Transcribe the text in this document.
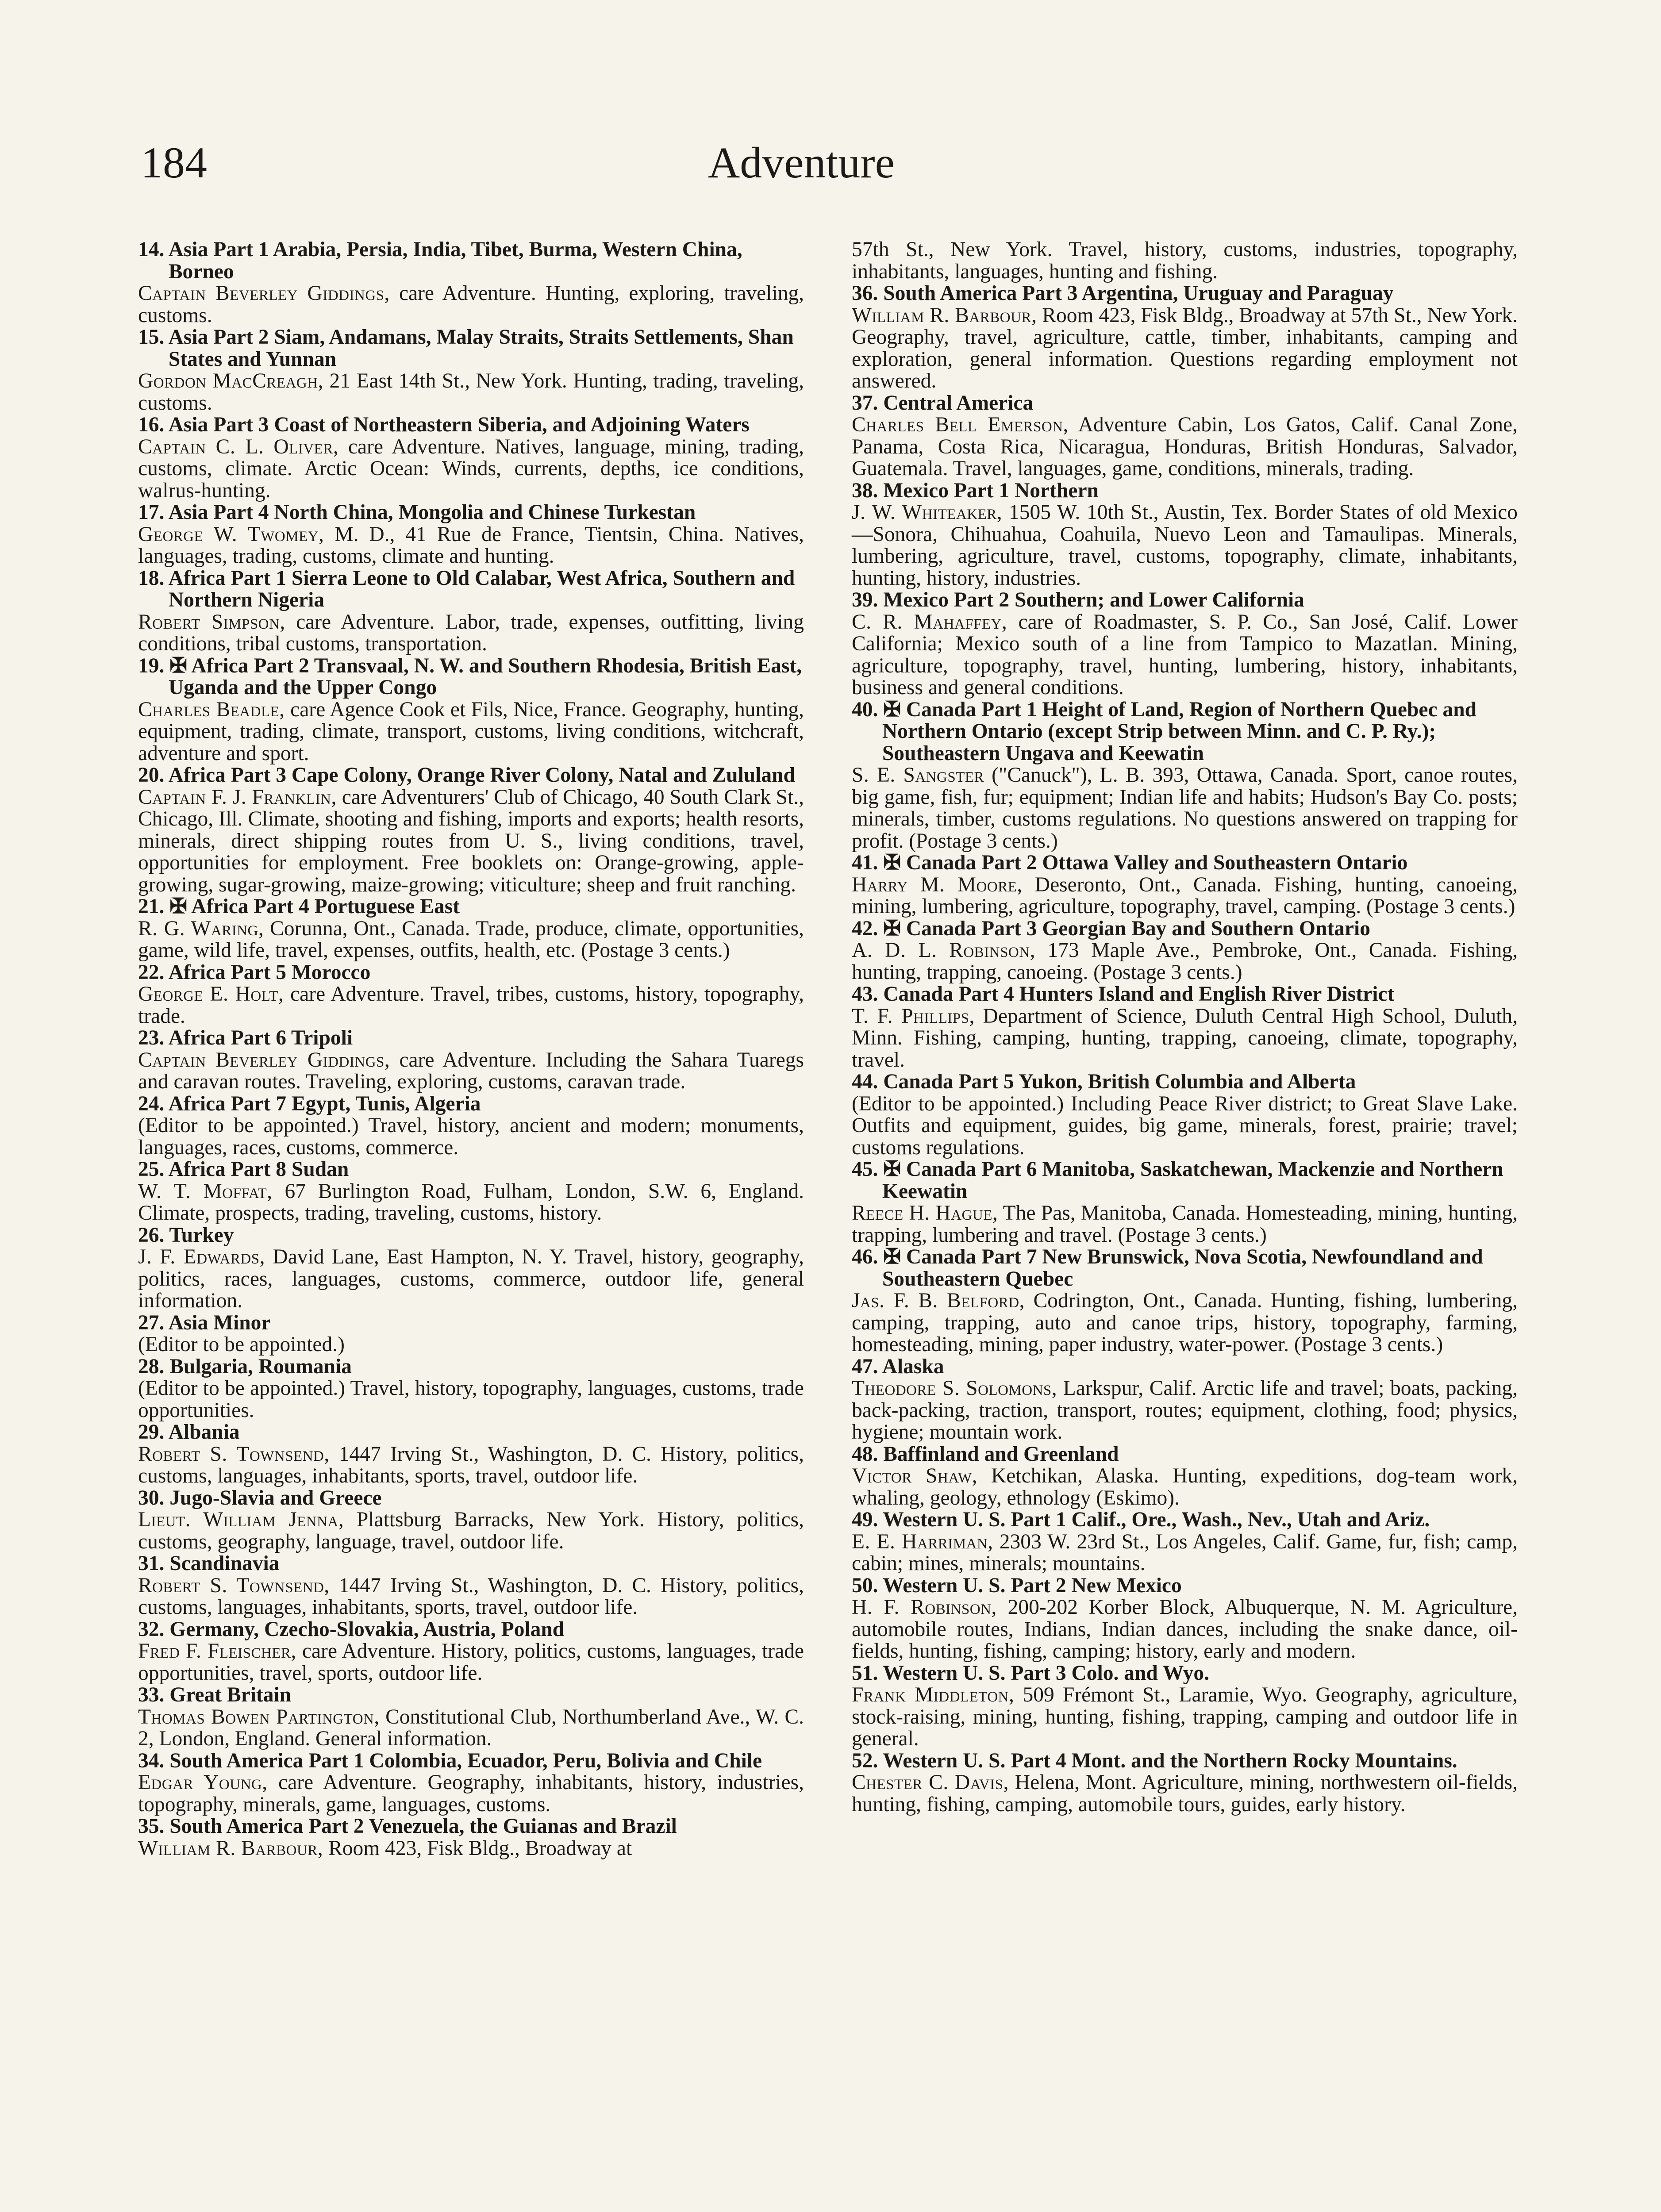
184	Adventure
14. Asia Part 1 Arabia, Persia, India, Tibet, Burma, Western China, Borneo
Captain Beverley Giddings, care Adventure. Hunting, exploring, traveling, customs.
15. Asia Part 2 Siam, Andamans, Malay Straits, Straits Settlements, Shan States and Yunnan
Gordon MacCreagh, 21 East 14th St., New York. Hunting, trading, traveling, customs.
16. Asia Part 3 Coast of Northeastern Siberia, and Adjoining Waters
Captain C. L. Oliver, care Adventure. Natives, language, mining, trading, customs, climate. Arctic Ocean: Winds, currents, depths, ice conditions, walrus-hunting.
17. Asia Part 4 North China, Mongolia and Chinese Turkestan
George W. Twomey, M. D., 41 Rue de France, Tientsin, China. Natives, languages, trading, customs, climate and hunting.
18. Africa Part 1 Sierra Leone to Old Calabar, West Africa, Southern and Northern Nigeria
Robert Simpson, care Adventure. Labor, trade, expenses, outfitting, living conditions, tribal customs, transportation.
19. ✠ Africa Part 2 Transvaal, N. W. and Southern Rhodesia, British East, Uganda and the Upper Congo
Charles Beadle, care Agence Cook et Fils, Nice, France. Geography, hunting, equipment, trading, climate, transport, customs, living conditions, witchcraft, adventure and sport.
20. Africa Part 3 Cape Colony, Orange River Colony, Natal and Zululand
Captain F. J. Franklin, care Adventurers' Club of Chicago, 40 South Clark St., Chicago, Ill. Climate, shooting and fishing, imports and exports; health resorts, minerals, direct shipping routes from U. S., living conditions, travel, opportunities for employment. Free booklets on: Orange-growing, apple-growing, sugar-growing, maize-growing; viticulture; sheep and fruit ranching.
21. ✠ Africa Part 4 Portuguese East
R. G. Waring, Corunna, Ont., Canada. Trade, produce, climate, opportunities, game, wild life, travel, expenses, outfits, health, etc. (Postage 3 cents.)
22. Africa Part 5 Morocco
George E. Holt, care Adventure. Travel, tribes, customs, history, topography, trade.
23. Africa Part 6 Tripoli
Captain Beverley Giddings, care Adventure. Including the Sahara Tuaregs and caravan routes. Traveling, exploring, customs, caravan trade.
24. Africa Part 7 Egypt, Tunis, Algeria
(Editor to be appointed.) Travel, history, ancient and modern; monuments, languages, races, customs, commerce.
25. Africa Part 8 Sudan
W. T. Moffat, 67 Burlington Road, Fulham, London, S.W. 6, England. Climate, prospects, trading, traveling, customs, history.
26. Turkey
J. F. Edwards, David Lane, East Hampton, N. Y. Travel, history, geography, politics, races, languages, customs, commerce, outdoor life, general information.
27. Asia Minor
(Editor to be appointed.)
28. Bulgaria, Roumania
(Editor to be appointed.) Travel, history, topography, languages, customs, trade opportunities.
29. Albania
Robert S. Townsend, 1447 Irving St., Washington, D. C. History, politics, customs, languages, inhabitants, sports, travel, outdoor life.
30. Jugo-Slavia and Greece
Lieut. William Jenna, Plattsburg Barracks, New York. History, politics, customs, geography, language, travel, outdoor life.
31. Scandinavia
Robert S. Townsend, 1447 Irving St., Washington, D. C. History, politics, customs, languages, inhabitants, sports, travel, outdoor life.
32. Germany, Czecho-Slovakia, Austria, Poland
Fred F. Fleischer, care Adventure. History, politics, customs, languages, trade opportunities, travel, sports, outdoor life.
33. Great Britain
Thomas Bowen Partington, Constitutional Club, Northumberland Ave., W. C. 2, London, England. General information.
34. South America Part 1 Colombia, Ecuador, Peru, Bolivia and Chile
Edgar Young, care Adventure. Geography, inhabitants, history, industries, topography, minerals, game, languages, customs.
35. South America Part 2 Venezuela, the Guianas and Brazil
William R. Barbour, Room 423, Fisk Bldg., Broadway at
57th St., New York. Travel, history, customs, industries, topography, inhabitants, languages, hunting and fishing.
36. South America Part 3 Argentina, Uruguay and Paraguay
William R. Barbour, Room 423, Fisk Bldg., Broadway at 57th St., New York. Geography, travel, agriculture, cattle, timber, inhabitants, camping and exploration, general information. Questions regarding employment not answered.
37. Central America
Charles Bell Emerson, Adventure Cabin, Los Gatos, Calif. Canal Zone, Panama, Costa Rica, Nicaragua, Honduras, British Honduras, Salvador, Guatemala. Travel, languages, game, conditions, minerals, trading.
38. Mexico Part 1 Northern
J. W. Whiteaker, 1505 W. 10th St., Austin, Tex. Border States of old Mexico—Sonora, Chihuahua, Coahuila, Nuevo Leon and Tamaulipas. Minerals, lumbering, agriculture, travel, customs, topography, climate, inhabitants, hunting, history, industries.
39. Mexico Part 2 Southern; and Lower California
C. R. Mahaffey, care of Roadmaster, S. P. Co., San José, Calif. Lower California; Mexico south of a line from Tampico to Mazatlan. Mining, agriculture, topography, travel, hunting, lumbering, history, inhabitants, business and general conditions.
40. ✠ Canada Part 1 Height of Land, Region of Northern Quebec and Northern Ontario (except Strip between Minn. and C. P. Ry.); Southeastern Ungava and Keewatin
S. E. Sangster ("Canuck"), L. B. 393, Ottawa, Canada. Sport, canoe routes, big game, fish, fur; equipment; Indian life and habits; Hudson's Bay Co. posts; minerals, timber, customs regulations. No questions answered on trapping for profit. (Postage 3 cents.)
41. ✠ Canada Part 2 Ottawa Valley and Southeastern Ontario
Harry M. Moore, Deseronto, Ont., Canada. Fishing, hunting, canoeing, mining, lumbering, agriculture, topography, travel, camping. (Postage 3 cents.)
42. ✠ Canada Part 3 Georgian Bay and Southern Ontario
A. D. L. Robinson, 173 Maple Ave., Pembroke, Ont., Canada. Fishing, hunting, trapping, canoeing. (Postage 3 cents.)
43. Canada Part 4 Hunters Island and English River District
T. F. Phillips, Department of Science, Duluth Central High School, Duluth, Minn. Fishing, camping, hunting, trapping, canoeing, climate, topography, travel.
44. Canada Part 5 Yukon, British Columbia and Alberta
(Editor to be appointed.) Including Peace River district; to Great Slave Lake. Outfits and equipment, guides, big game, minerals, forest, prairie; travel; customs regulations.
45. ✠ Canada Part 6 Manitoba, Saskatchewan, Mackenzie and Northern Keewatin
Reece H. Hague, The Pas, Manitoba, Canada. Homesteading, mining, hunting, trapping, lumbering and travel. (Postage 3 cents.)
46. ✠ Canada Part 7 New Brunswick, Nova Scotia, Newfoundland and Southeastern Quebec
Jas. F. B. Belford, Codrington, Ont., Canada. Hunting, fishing, lumbering, camping, trapping, auto and canoe trips, history, topography, farming, homesteading, mining, paper industry, water-power. (Postage 3 cents.)
47. Alaska
Theodore S. Solomons, Larkspur, Calif. Arctic life and travel; boats, packing, back-packing, traction, transport, routes; equipment, clothing, food; physics, hygiene; mountain work.
48. Baffinland and Greenland
Victor Shaw, Ketchikan, Alaska. Hunting, expeditions, dog-team work, whaling, geology, ethnology (Eskimo).
49. Western U. S. Part 1 Calif., Ore., Wash., Nev., Utah and Ariz.
E. E. Harriman, 2303 W. 23rd St., Los Angeles, Calif. Game, fur, fish; camp, cabin; mines, minerals; mountains.
50. Western U. S. Part 2 New Mexico
H. F. Robinson, 200-202 Korber Block, Albuquerque, N. M. Agriculture, automobile routes, Indians, Indian dances, including the snake dance, oil-fields, hunting, fishing, camping; history, early and modern.
51. Western U. S. Part 3 Colo. and Wyo.
Frank Middleton, 509 Frémont St., Laramie, Wyo. Geography, agriculture, stock-raising, mining, hunting, fishing, trapping, camping and outdoor life in general.
52. Western U. S. Part 4 Mont. and the Northern Rocky Mountains.
Chester C. Davis, Helena, Mont. Agriculture, mining, northwestern oil-fields, hunting, fishing, camping, automobile tours, guides, early history.
